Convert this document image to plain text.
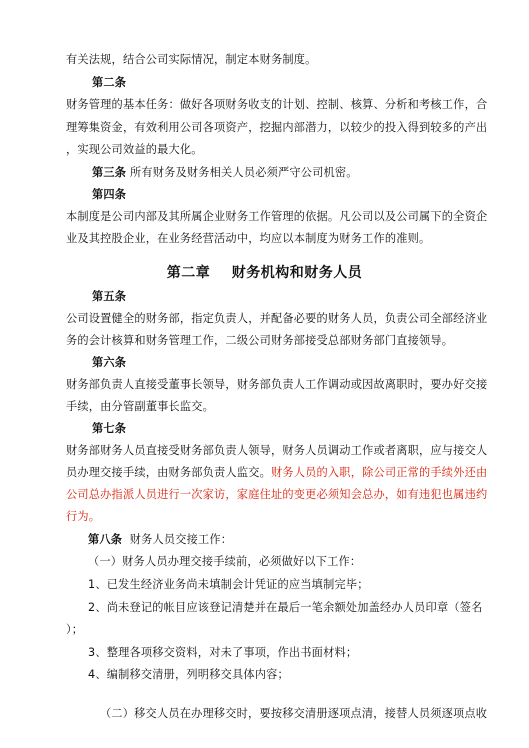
有关法规，结合公司实际情况，制定本财务制度。
第二条
财务管理的基本任务：做好各项财务收支的计划、控制、核算、分析和考核工作，合
理筹集资金，有效利用公司各项资产，挖掘内部潜力，以较少的投入得到较多的产出
，实现公司效益的最大化。
第三条 所有财务及财务相关人员必须严守公司机密。
第四条
本制度是公司内部及其所属企业财务工作管理的依据。凡公司以及公司属下的全资企
业及其控股企业，在业务经营活动中，均应以本制度为财务工作的准则。
第二章    财务机构和财务人员
第五条
公司设置健全的财务部，指定负责人，并配备必要的财务人员，负责公司全部经济业
务的会计核算和财务管理工作，二级公司财务部接受总部财务部门直接领导。
第六条
财务部负责人直接受董事长领导，财务部负责人工作调动或因故离职时，要办好交接
手续，由分管副董事长监交。
第七条
财务部财务人员直接受财务部负责人领导，财务人员调动工作或者离职，应与接交人
员办理交接手续，由财务部负责人监交。财务人员的入职，除公司正常的手续外还由
公司总办指派人员进行一次家访，家庭住址的变更必须知会总办，如有违犯也属违约
行为。
第八条 财务人员交接工作：
（一）财务人员办理交接手续前，必须做好以下工作：
1、已发生经济业务尚未填制会计凭证的应当填制完毕；
2、尚未登记的帐目应该登记清楚并在最后一笔余额处加盖经办人员印章（签名
）；
3、整理各项移交资料，对未了事项，作出书面材料；
4、编制移交清册，列明移交具体内容；
（二）移交人员在办理移交时，要按移交清册逐项点清，接替人员须逐项点收
